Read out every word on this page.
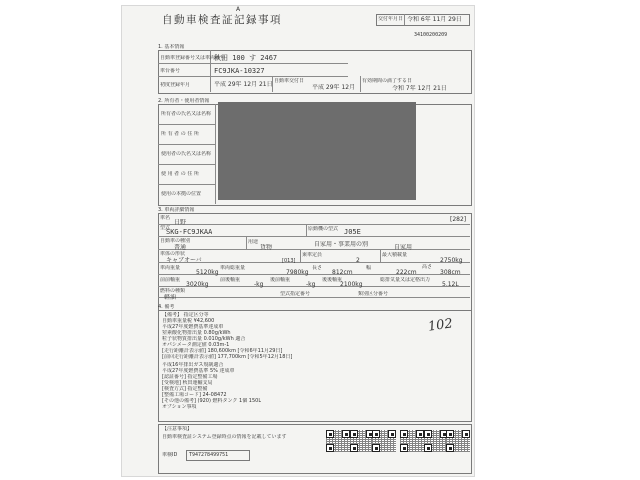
A
自動車検査証記録事項	交付年月日 令和 6年 11月 29日
34100200209
1. 基本情報
自動車登録番号又は車両番号
秋田 100 す 2467
車台番号	FC9JKA-10327
初度登録年月	平成 29年 12月 21日 自動車交付日
平成 29年 12月
有効期間の満了する日
令和 7年 12月 21日
2. 所有者・使用者情報
所有者の氏名又は名称
所 有 者 の 住 所
使用者の氏名又は名称
使 用 者 の 住 所
使用の本拠の位置
3. 車両詳細情報
車名
日野	[282]
型式
SKG-FC9JKAA	原動機の型式 J05E
自動車の種別
普通
用途
貨物	自家用・事業用の別	自家用
車体の形状
キャブオーバ	[013]
乗車定員
2
最大積載量
2750kg
車両重量
5120kg
車両総重量
7980kg
長さ
812cm
幅
222cm
高さ
308cm
前前軸重
3020kg
前後軸重
-kg
後前軸重
-kg
後後軸重
2100kg
総排気量又は定格出力
5.12L
燃料の種類
軽油	型式指定番号	類別区分番号
4. 備考
【備考】 指定区分等
自動車重量税 ¥42,600
平成27年度燃費基準達成車
窒素酸化物排出量 0.80g/kWh
粒子状物質排出量 0.010g/kWh 適合
オパシメータ測定値 0.03m-1
[走行距離計表示値] 180,600km [令和6年11月29日]
[前回走行距離計表示値] 177,700km [令和5年12月18日]
平成16年排出ガス規制適合
平成27年度燃費基準 5% 達成車
[認証番号] 指定整備工場
[受検地] 秋田運輸支局
[検査方式] 指定整備
[整備工場コード] 24-08472
[その他の備考] (920) 燃料タンク 1個 150L
オプション事項
102
【注意事項】
自動車検査証システム登録時点の情報を記載しています
車検ID T947278499751
